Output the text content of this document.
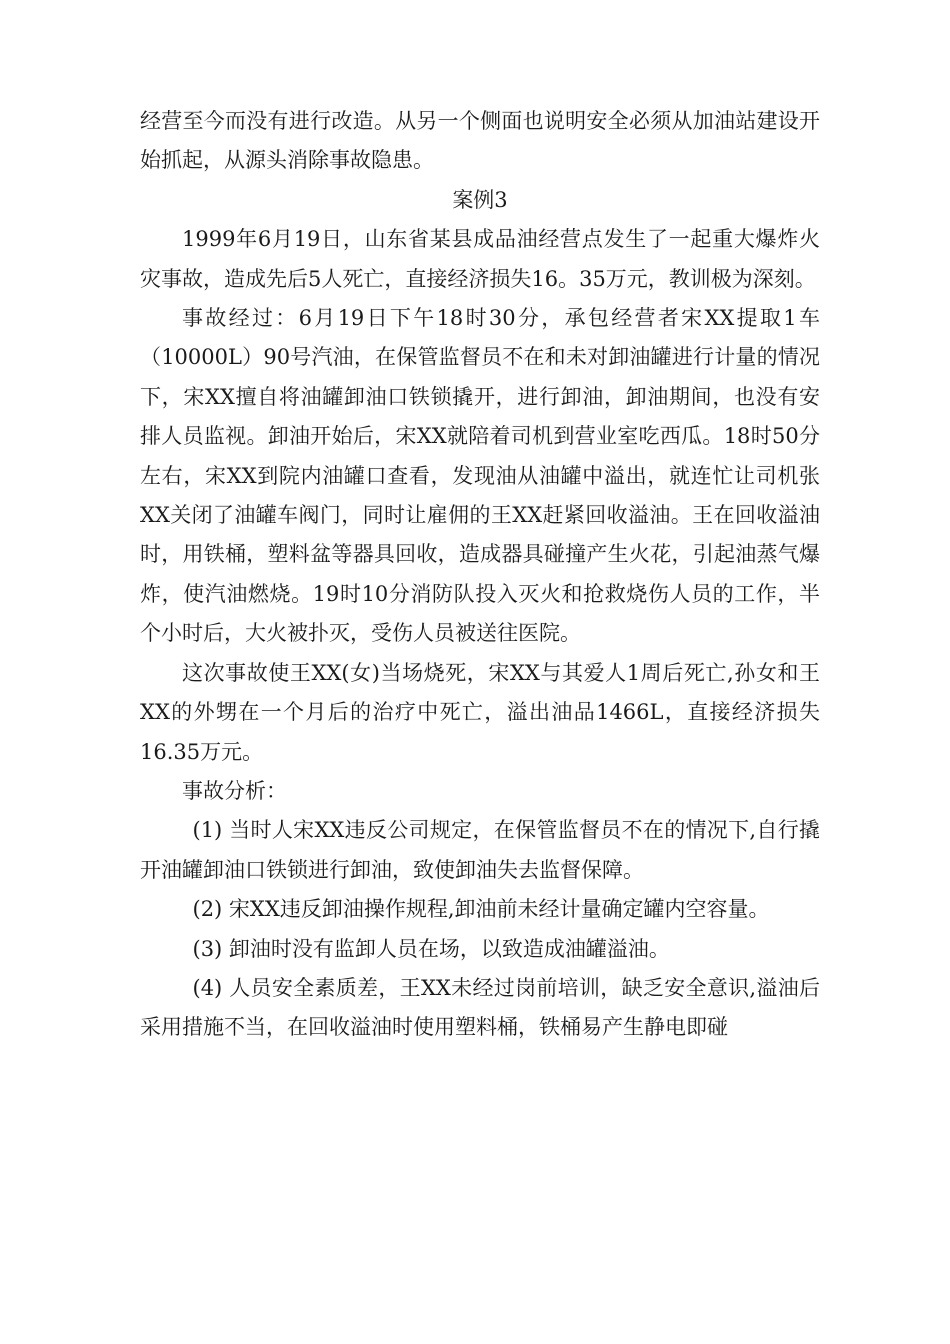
经营至今而没有进行改造。从另一个侧面也说明安全必须从加油站建设开始抓起，从源头消除事故隐患。

案例3

1999年6月19日，山东省某县成品油经营点发生了一起重大爆炸火灾事故，造成先后5人死亡，直接经济损失16。35万元，教训极为深刻。

事故经过：6月19日下午18时30分，承包经营者宋XX提取1车（10000L）90号汽油，在保管监督员不在和未对卸油罐进行计量的情况下，宋XX擅自将油罐卸油口铁锁撬开，进行卸油，卸油期间，也没有安排人员监视。卸油开始后，宋XX就陪着司机到营业室吃西瓜。18时50分左右，宋XX到院内油罐口查看，发现油从油罐中溢出，就连忙让司机张XX关闭了油罐车阀门，同时让雇佣的王XX赶紧回收溢油。王在回收溢油时，用铁桶，塑料盆等器具回收，造成器具碰撞产生火花，引起油蒸气爆炸，使汽油燃烧。19时10分消防队投入灭火和抢救烧伤人员的工作，半个小时后，大火被扑灭，受伤人员被送往医院。

这次事故使王XX(女)当场烧死，宋XX与其爱人1周后死亡,孙女和王XX的外甥在一个月后的治疗中死亡，溢出油品1466L，直接经济损失16.35万元。

事故分析：

(1) 当时人宋XX违反公司规定，在保管监督员不在的情况下,自行撬开油罐卸油口铁锁进行卸油，致使卸油失去监督保障。

(2) 宋XX违反卸油操作规程,卸油前未经计量确定罐内空容量。

(3) 卸油时没有监卸人员在场，以致造成油罐溢油。

(4) 人员安全素质差，王XX未经过岗前培训，缺乏安全意识,溢油后采用措施不当，在回收溢油时使用塑料桶，铁桶易产生静电即碰
